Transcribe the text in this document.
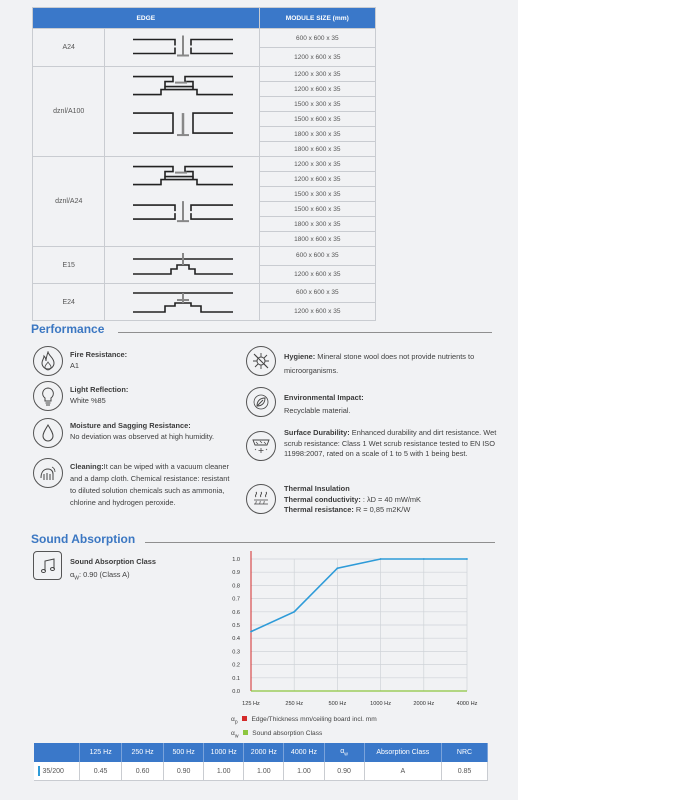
EDGE		MODULE SIZE (mm)
A24		600 x 600 x 35
		1200 x 600 x 35
dznl/A100		1200 x 300 x 35
		1200 x 600 x 35
		1500 x 300 x 35
		1500 x 600 x 35
		1800 x 300 x 35
		1800 x 600 x 35
dznl/A24		1200 x 300 x 35
		1200 x 600 x 35
		1500 x 300 x 35
		1500 x 600 x 35
		1800 x 300 x 35
		1800 x 600 x 35
E15		600 x 600 x 35
		1200 x 600 x 35
E24		600 x 600 x 35
		1200 x 600 x 35
Performance
Fire Resistance:
A1
Light Reflection:
White %85
Moisture and Sagging Resistance:
No deviation was observed at high humidity.
Cleaning:It can be wiped with a vacuum cleaner and a damp cloth. Chemical resistance: resistant to diluted solution chemicals such as ammonia, chlorine and hydrogen peroxide.
Hygiene: Mineral stone wool does not provide nutrients to microorganisms.
Environmental Impact:
Recyclable material.
Surface Durability: Enhanced durability and dirt resistance. Wet scrub resistance: Class 1 Wet scrub resistance tested to EN ISO 11998:2007, rated on a scale of 1 to 5 with 1 being best.
Thermal Insulation
Thermal conductivity: : λD = 40 mW/mK
Thermal resistance: R = 0,85 m2K/W
Sound Absorption
Sound Absorption Class
$\alpha_W$: 0.90 (Class A)
0.0
0.1
0.2
0.3
0.4
0.5
0.6
0.7
0.8
0.9
1.0
125 Hz	250 Hz	500 Hz	1000 Hz	2000 Hz	4000 Hz
$\alpha_p$ Edge/Thickness mm/ceiling board incl. mm
$\alpha_w$ Sound absorption Class
	125 Hz	250 Hz	500 Hz	1000 Hz	2000 Hz	4000 Hz	$\alpha_w$	Absorption Class	NRC
35/200	0.45	0.60	0.90	1.00	1.00	1.00	0.90	A	0.85
